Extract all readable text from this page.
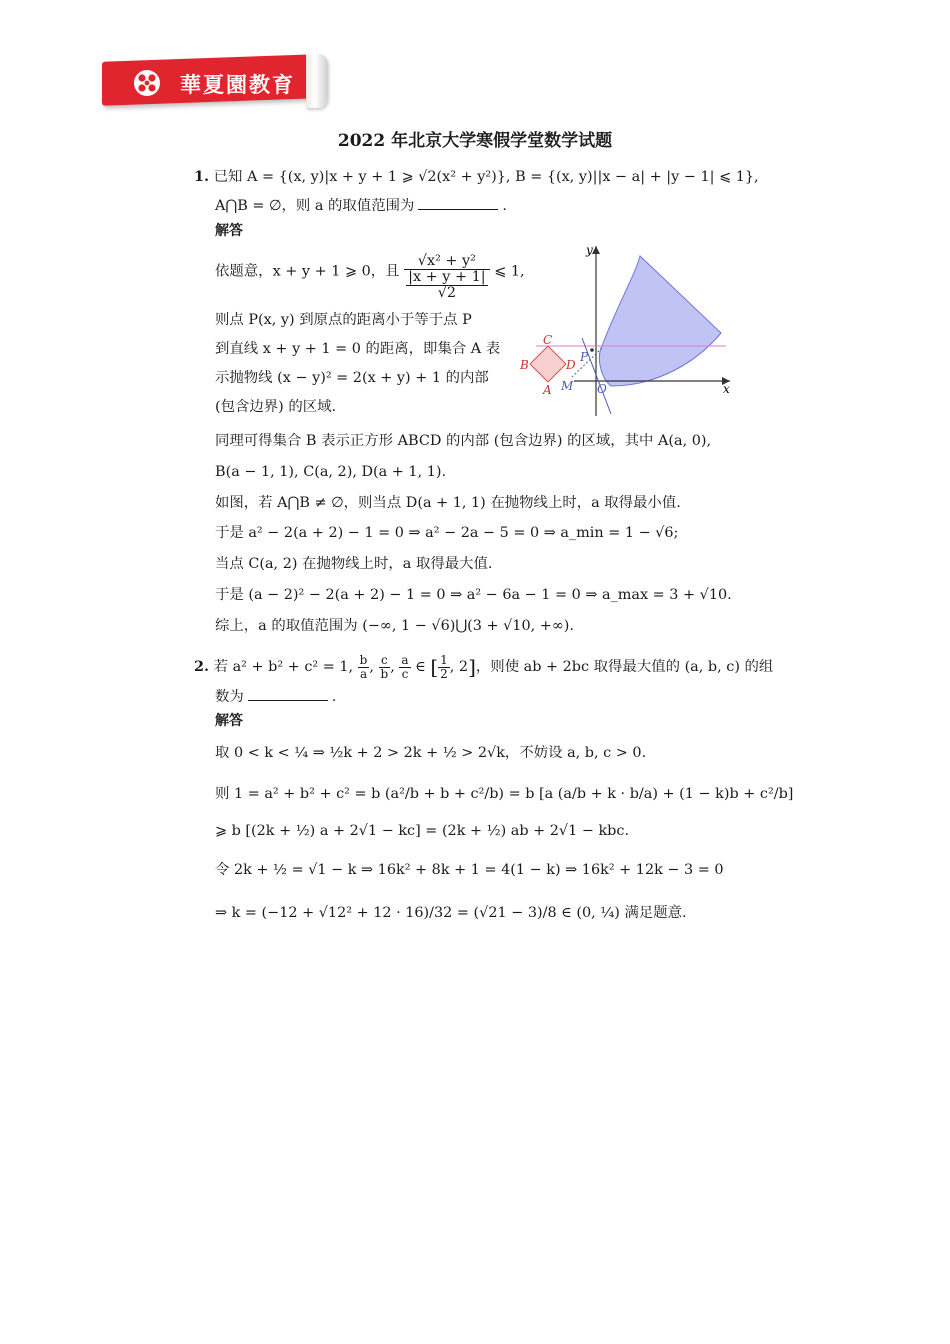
華夏園教育
2022 年北京大学寒假学堂数学试题
1. 已知 A = {(x, y)|x + y + 1 ⩾ √2(x² + y²)}, B = {(x, y)||x − a| + |y − 1| ⩽ 1},
A⋂B = ∅，则 a 的取值范围为	.
解答
依题意，x + y + 1 ⩾ 0，且 √x² + y²
|x + y + 1|
√2 ⩽ 1,
则点 P(x, y) 到原点的距离小于等于点 P
到直线 x + y + 1 = 0 的距离，即集合 A 表
示抛物线 (x − y)² = 2(x + y) + 1 的内部
(包含边界) 的区域.
同理可得集合 B 表示正方形 ABCD 的内部 (包含边界) 的区域，其中 A(a, 0),
B(a − 1, 1), C(a, 2), D(a + 1, 1).
如图，若 A⋂B ≠ ∅，则当点 D(a + 1, 1) 在抛物线上时，a 取得最小值.
于是 a² − 2(a + 2) − 1 = 0 ⇒ a² − 2a − 5 = 0 ⇒ a_min = 1 − √6;
当点 C(a, 2) 在抛物线上时，a 取得最大值.
于是 (a − 2)² − 2(a + 2) − 1 = 0 ⇒ a² − 6a − 1 = 0 ⇒ a_max = 3 + √10.
综上，a 的取值范围为 (−∞, 1 − √6)⋃(3 + √10, +∞).
y
x
C
B	D
A M O
P
2. 若 a² + b² + c² = 1, $\frac{b}{a}$ , $\frac{c}{b}$ , $\frac{a}{c}$ ∈ [ $\frac{1}{2}$ , 2]，则使 ab + 2bc 取得最大值的 (a, b, c) 的组
数为	.
解答
取 0 < k < ¼ ⇒ ½k + 2 > 2k + ½ > 2√k，不妨设 a, b, c > 0.
则 1 = a² + b² + c² = b (a²/b + b + c²/b) = b [a (a/b + k · b/a) + (1 − k)b + c²/b]
⩾ b [(2k + ½) a + 2√1 − kc] = (2k + ½) ab + 2√1 − kbc.
令 2k + ½ = √1 − k ⇒ 16k² + 8k + 1 = 4(1 − k) ⇒ 16k² + 12k − 3 = 0
⇒ k = (−12 + √12² + 12 · 16)/32 = (√21 − 3)/8 ∈ (0, ¼) 满足题意.
